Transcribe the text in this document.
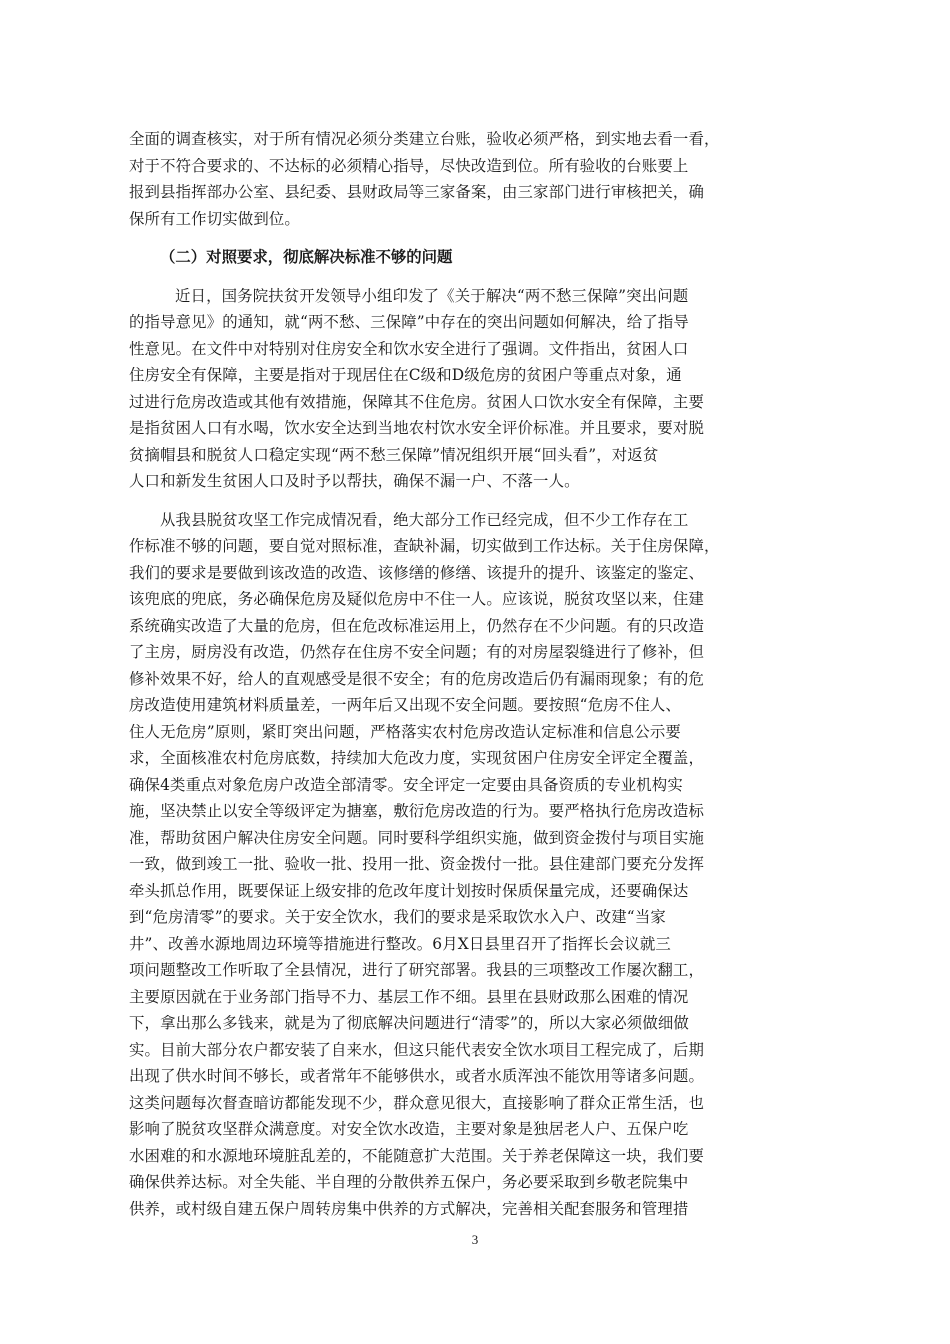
全面的调查核实，对于所有情况必须分类建立台账，验收必须严格，到实地去看一看，
对于不符合要求的、不达标的必须精心指导，尽快改造到位。所有验收的台账要上
报到县指挥部办公室、县纪委、县财政局等三家备案，由三家部门进行审核把关，确
保所有工作切实做到位。
（二）对照要求，彻底解决标准不够的问题
近日，国务院扶贫开发领导小组印发了《关于解决“两不愁三保障”突出问题
的指导意见》的通知，就“两不愁、三保障”中存在的突出问题如何解决，给了指导
性意见。在文件中对特别对住房安全和饮水安全进行了强调。文件指出，贫困人口
住房安全有保障，主要是指对于现居住在C级和D级危房的贫困户等重点对象，通
过进行危房改造或其他有效措施，保障其不住危房。贫困人口饮水安全有保障，主要
是指贫困人口有水喝，饮水安全达到当地农村饮水安全评价标准。并且要求，要对脱
贫摘帽县和脱贫人口稳定实现“两不愁三保障”情况组织开展“回头看”，对返贫
人口和新发生贫困人口及时予以帮扶，确保不漏一户、不落一人。
从我县脱贫攻坚工作完成情况看，绝大部分工作已经完成，但不少工作存在工
作标准不够的问题，要自觉对照标准，查缺补漏，切实做到工作达标。关于住房保障，
我们的要求是要做到该改造的改造、该修缮的修缮、该提升的提升、该鉴定的鉴定、
该兜底的兜底，务必确保危房及疑似危房中不住一人。应该说，脱贫攻坚以来，住建
系统确实改造了大量的危房，但在危改标准运用上，仍然存在不少问题。有的只改造
了主房，厨房没有改造，仍然存在住房不安全问题；有的对房屋裂缝进行了修补，但
修补效果不好，给人的直观感受是很不安全；有的危房改造后仍有漏雨现象；有的危
房改造使用建筑材料质量差，一两年后又出现不安全问题。要按照“危房不住人、
住人无危房”原则，紧盯突出问题，严格落实农村危房改造认定标准和信息公示要
求，全面核准农村危房底数，持续加大危改力度，实现贫困户住房安全评定全覆盖，
确保4类重点对象危房户改造全部清零。安全评定一定要由具备资质的专业机构实
施，坚决禁止以安全等级评定为搪塞，敷衍危房改造的行为。要严格执行危房改造标
准，帮助贫困户解决住房安全问题。同时要科学组织实施，做到资金拨付与项目实施
一致，做到竣工一批、验收一批、投用一批、资金拨付一批。县住建部门要充分发挥
牵头抓总作用，既要保证上级安排的危改年度计划按时保质保量完成，还要确保达
到“危房清零”的要求。关于安全饮水，我们的要求是采取饮水入户、改建“当家
井”、改善水源地周边环境等措施进行整改。6月X日县里召开了指挥长会议就三
项问题整改工作听取了全县情况，进行了研究部署。我县的三项整改工作屡次翻工，
主要原因就在于业务部门指导不力、基层工作不细。县里在县财政那么困难的情况
下，拿出那么多钱来，就是为了彻底解决问题进行“清零”的，所以大家必须做细做
实。目前大部分农户都安装了自来水，但这只能代表安全饮水项目工程完成了，后期
出现了供水时间不够长，或者常年不能够供水，或者水质浑浊不能饮用等诸多问题。
这类问题每次督查暗访都能发现不少，群众意见很大，直接影响了群众正常生活，也
影响了脱贫攻坚群众满意度。对安全饮水改造，主要对象是独居老人户、五保户吃
水困难的和水源地环境脏乱差的，不能随意扩大范围。关于养老保障这一块，我们要
确保供养达标。对全失能、半自理的分散供养五保户，务必要采取到乡敬老院集中
供养，或村级自建五保户周转房集中供养的方式解决，完善相关配套服务和管理措
3
